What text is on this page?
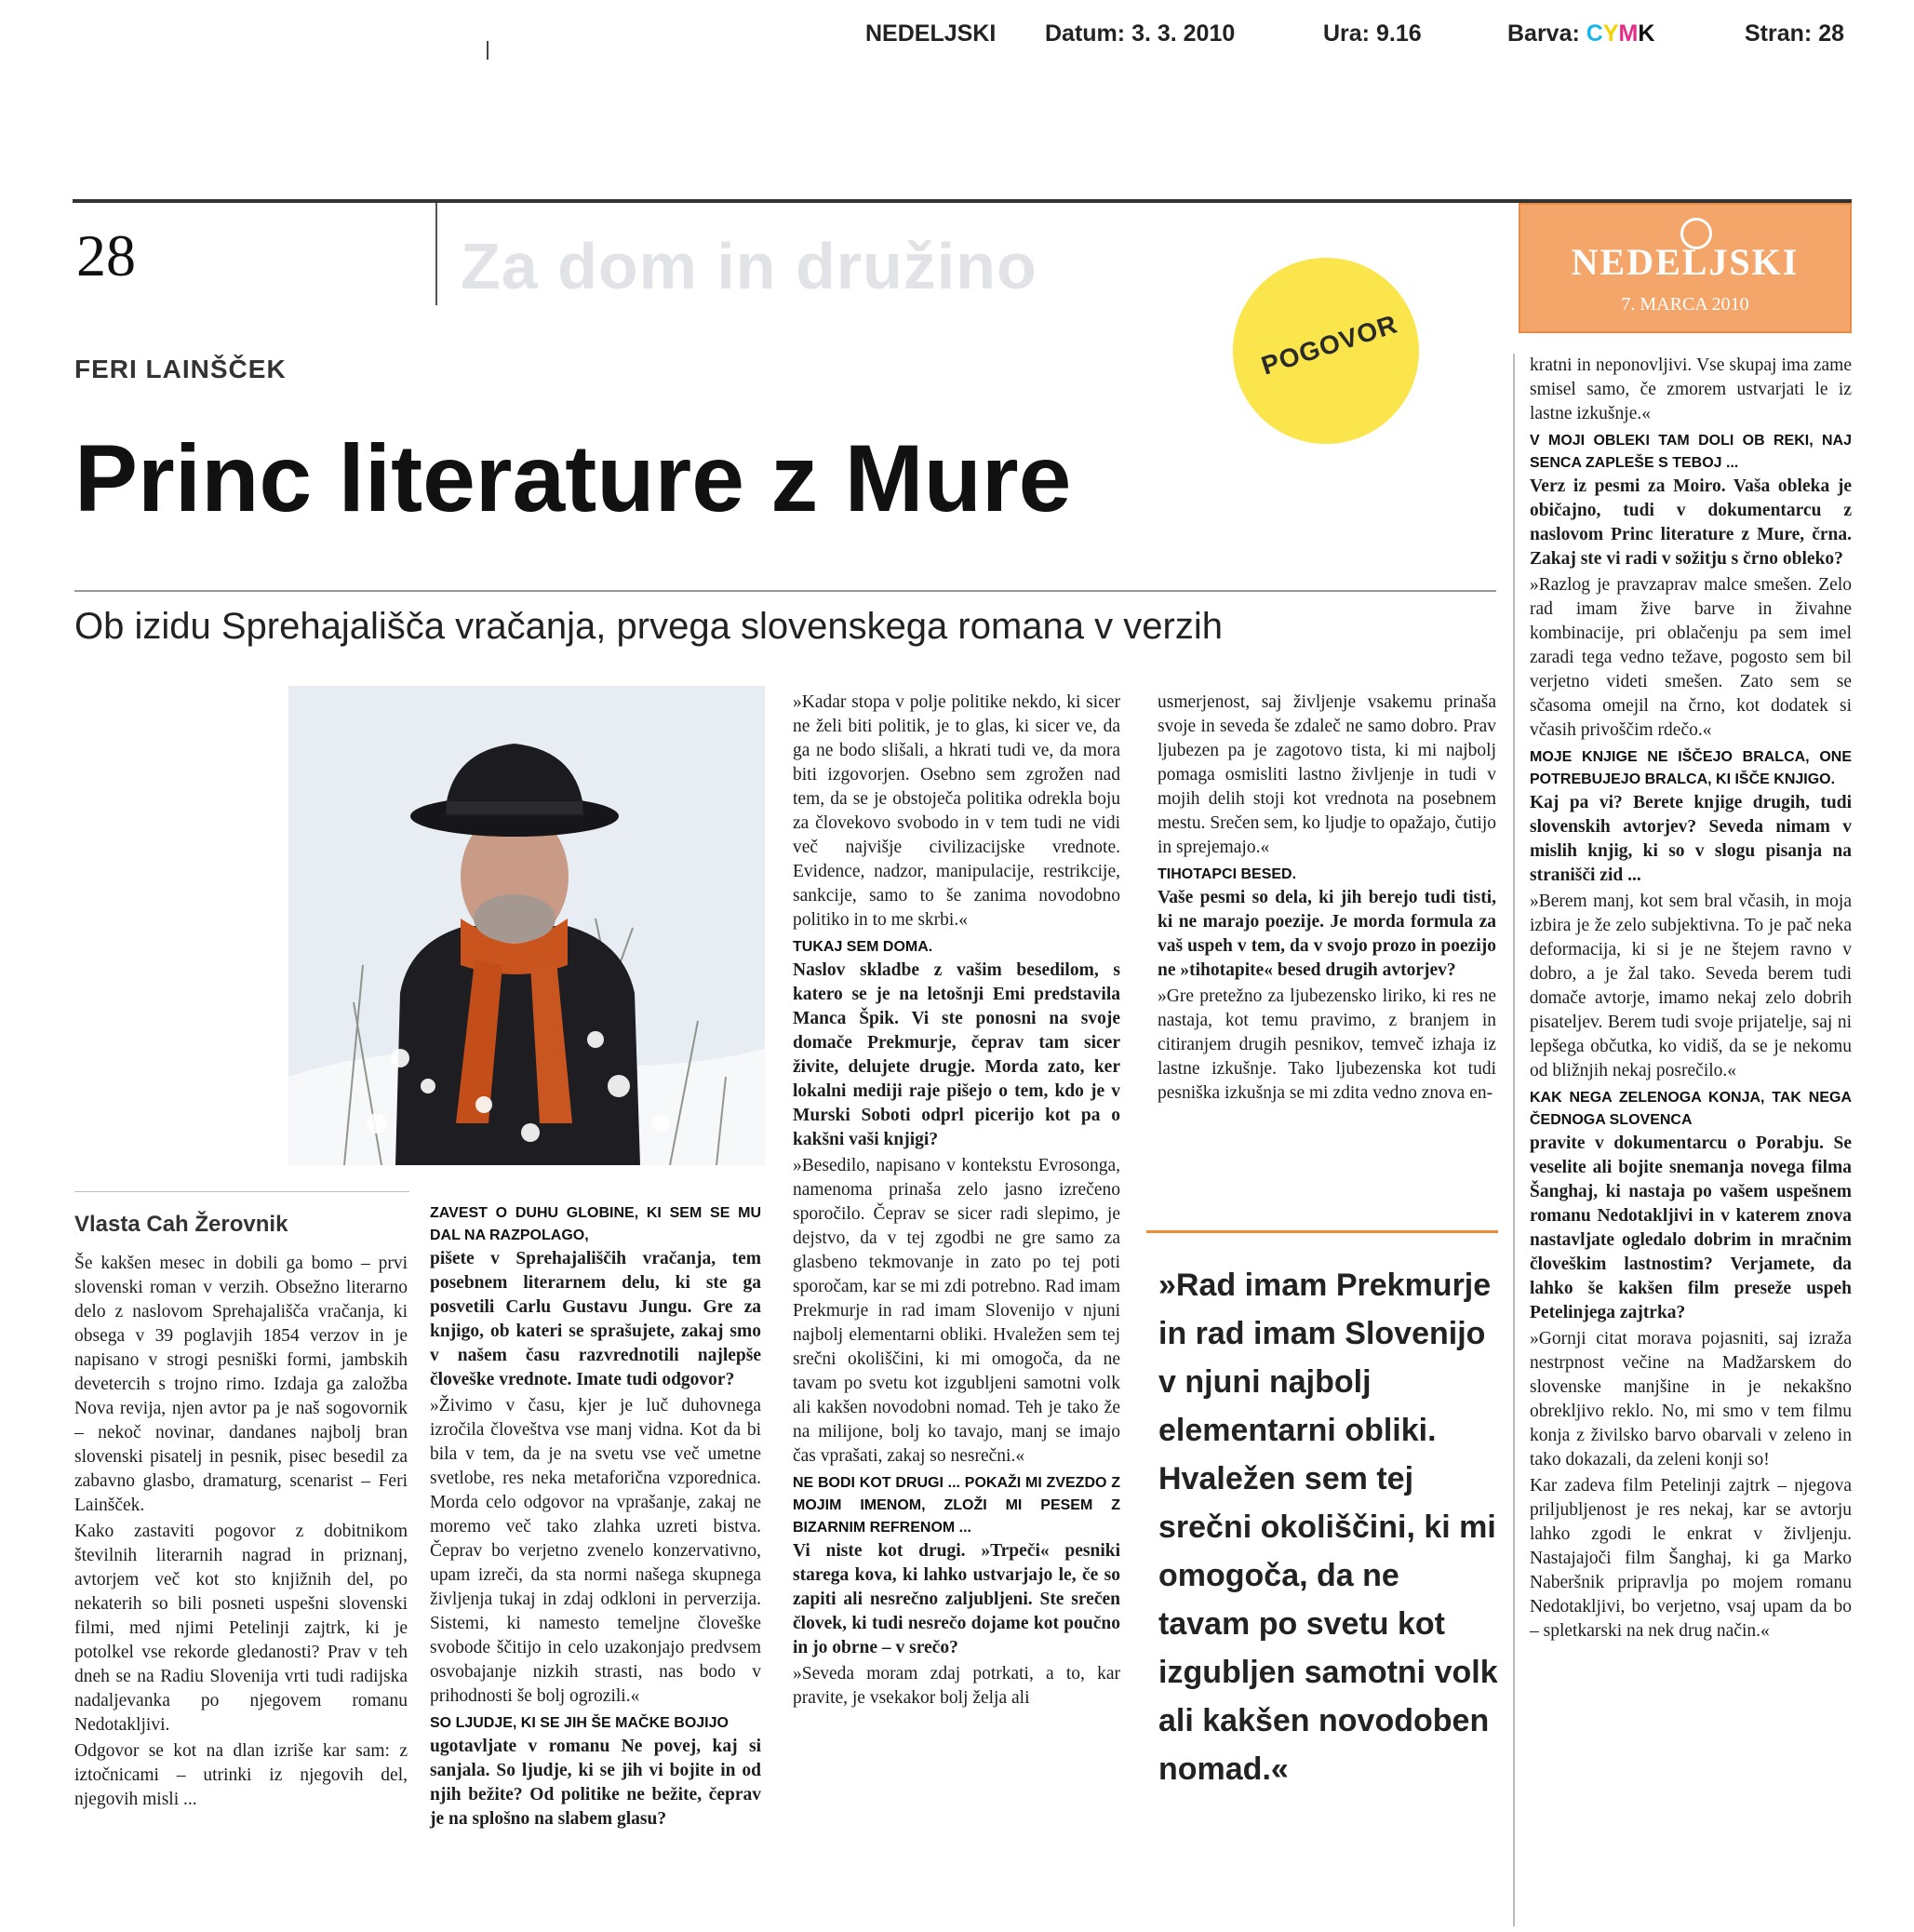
NEDELJSKI Datum: 3. 3. 2010	Ura: 9.16	Barva: CYMK	Stran: 28
28	Za dom in družino	NEDELJSKI
7. MARCA 2010
POGOVOR
FERI LAINŠČEK
Princ literature z Mure
Ob izidu Sprehajališča vračanja, prvega slovenskega romana v verzih
Vlasta Cah Žerovnik

Še kakšen mesec in dobili ga bomo – prvi slovenski roman v verzih. Obsežno literarno delo z naslovom Sprehajališča vračanja, ki obsega v 39 poglavjih 1854 verzov in je napisano v strogi pesniški formi, jambskih devetercih s trojno rimo. Izdaja ga založba Nova revija, njen avtor pa je naš sogovornik – nekoč novinar, dandanes najbolj bran slovenski pisatelj in pesnik, pisec besedil za zabavno glasbo, dramaturg, scenarist – Feri Lainšček.

Kako zastaviti pogovor z dobitnikom številnih literarnih nagrad in priznanj, avtorjem več kot sto knjižnih del, po nekaterih so bili posneti uspešni slovenski filmi, med njimi Petelinji zajtrk, ki je potolkel vse rekorde gledanosti? Prav v teh dneh se na Radiu Slovenija vrti tudi radijska nadaljevanka po njegovem romanu Nedotakljivi.

Odgovor se kot na dlan izriše kar sam: z iztočnicami – utrinki iz njegovih del, njegovih misli ...

ZAVEST O DUHU GLOBINE, KI SEM SE MU DAL NA RAZPOLAGO,

pišete v Sprehajališčih vračanja, tem posebnem literarnem delu, ki ste ga posvetili Carlu Gustavu Jungu. Gre za knjigo, ob kateri se sprašujete, zakaj smo v našem času razvrednotili najlepše človeške vrednote. Imate tudi odgovor?

»Živimo v času, kjer je luč duhovnega izročila človeštva vse manj vidna. Kot da bi bila v tem, da je na svetu vse več umetne svetlobe, res neka metaforična vzporednica. Morda celo odgovor na vprašanje, zakaj ne moremo več tako zlahka uzreti bistva. Čeprav bo verjetno zvenelo konzervativno, upam izreči, da sta normi našega skupnega življenja tukaj in zdaj odkloni in perverzija. Sistemi, ki namesto temeljne človeške svobode ščitijo in celo uzakonjajo predvsem osvobajanje nizkih strasti, nas bodo v prihodnosti še bolj ogrozili.«

SO LJUDJE, KI SE JIH ŠE MAČKE BOJIJO

ugotavljate v romanu Ne povej, kaj si sanjala. So ljudje, ki se jih vi bojite in od njih bežite? Od politike ne bežite, čeprav je na splošno na slabem glasu?

»Kadar stopa v polje politike nekdo, ki sicer ne želi biti politik, je to glas, ki sicer ve, da ga ne bodo slišali, a hkrati tudi ve, da mora biti izgovorjen. Osebno sem zgrožen nad tem, da se je obstoječa politika odrekla boju za človekovo svobodo in v tem tudi ne vidi več najvišje civilizacijske vrednote. Evidence, nadzor, manipulacije, restrikcije, sankcije, samo to še zanima novodobno politiko in to me skrbi.«

TUKAJ SEM DOMA.

Naslov skladbe z vašim besedilom, s katero se je na letošnji Emi predstavila Manca Špik. Vi ste ponosni na svoje domače Prekmurje, čeprav tam sicer živite, delujete drugje. Morda zato, ker lokalni mediji raje pišejo o tem, kdo je v Murski Soboti odprl picerijo kot pa o kakšni vaši knjigi?

»Besedilo, napisano v kontekstu Evrosonga, namenoma prinaša zelo jasno izrečeno sporočilo. Čeprav se sicer radi slepimo, je dejstvo, da v tej zgodbi ne gre samo za glasbeno tekmovanje in zato po tej poti sporočam, kar se mi zdi potrebno. Rad imam Prekmurje in rad imam Slovenijo v njuni najbolj elementarni obliki. Hvaležen sem tej srečni okoliščini, ki mi omogoča, da ne tavam po svetu kot izgubljeni samotni volk ali kakšen novodobni nomad. Teh je tako že na milijone, bolj ko tavajo, manj se imajo čas vprašati, zakaj so nesrečni.«

NE BODI KOT DRUGI ... POKAŽI MI ZVEZDO Z MOJIM IMENOM, ZLOŽI MI PESEM Z BIZARNIM REFRENOM ...

Vi niste kot drugi. »Trpeči« pesniki starega kova, ki lahko ustvarjajo le, če so zapiti ali nesrečno zaljubljeni. Ste srečen človek, ki tudi nesrečo dojame kot poučno in jo obrne – v srečo?

»Seveda moram zdaj potrkati, a to, kar pravite, je vsekakor bolj želja ali

usmerjenost, saj življenje vsakemu prinaša svoje in seveda še zdaleč ne samo dobro. Prav ljubezen pa je zagotovo tista, ki mi najbolj pomaga osmisliti lastno življenje in tudi v mojih delih stoji kot vrednota na posebnem mestu. Srečen sem, ko ljudje to opažajo, čutijo in sprejemajo.«

TIHOTAPCI BESED.

Vaše pesmi so dela, ki jih berejo tudi tisti, ki ne marajo poezije. Je morda formula za vaš uspeh v tem, da v svojo prozo in poezijo ne »tihotapite« besed drugih avtorjev?

»Gre pretežno za ljubezensko liriko, ki res ne nastaja, kot temu pravimo, z branjem in citiranjem drugih pesnikov, temveč izhaja iz lastne izkušnje. Tako ljubezenska kot tudi pesniška izkušnja se mi zdita vedno znova en-

»Rad imam Prekmurje in rad imam Slovenijo v njuni najbolj elementarni obliki. Hvaležen sem tej srečni okoliščini, ki mi omogoča, da ne tavam po svetu kot izgubljen samotni volk ali kakšen novodoben nomad.«

kratni in neponovljivi. Vse skupaj ima zame smisel samo, če zmorem ustvarjati le iz lastne izkušnje.«

V MOJI OBLEKI TAM DOLI OB REKI, NAJ SENCA ZAPLEŠE S TEBOJ ...

Verz iz pesmi za Moiro. Vaša obleka je običajno, tudi v dokumentarcu z naslovom Princ literature z Mure, črna. Zakaj ste vi radi v sožitju s črno obleko?

»Razlog je pravzaprav malce smešen. Zelo rad imam žive barve in živahne kombinacije, pri oblačenju pa sem imel zaradi tega vedno težave, pogosto sem bil verjetno videti smešen. Zato sem se sčasoma omejil na črno, kot dodatek si včasih privoščim rdečo.«

MOJE KNJIGE NE IŠČEJO BRALCA, ONE POTREBUJEJO BRALCA, KI IŠČE KNJIGO.

Kaj pa vi? Berete knjige drugih, tudi slovenskih avtorjev? Seveda nimam v mislih knjig, ki so v slogu pisanja na stranišči zid ...

»Berem manj, kot sem bral včasih, in moja izbira je že zelo subjektivna. To je pač neka deformacija, ki si je ne štejem ravno v dobro, a je žal tako. Seveda berem tudi domače avtorje, imamo nekaj zelo dobrih pisateljev. Berem tudi svoje prijatelje, saj ni lepšega občutka, ko vidiš, da se je nekomu od bližnjih nekaj posrečilo.«

KAK NEGA ZELENOGA KONJA, TAK NEGA ČEDNOGA SLOVENCA

pravite v dokumentarcu o Porabju. Se veselite ali bojite snemanja novega filma Šanghaj, ki nastaja po vašem uspešnem romanu Nedotakljivi in v katerem znova nastavljate ogledalo dobrim in mračnim človeškim lastnostim? Verjamete, da lahko še kakšen film preseže uspeh Petelinjega zajtrka?

»Gornji citat morava pojasniti, saj izraža nestrpnost večine na Madžarskem do slovenske manjšine in je nekakšno obrekljivo reklo. No, mi smo v tem filmu konja z živilsko barvo obarvali v zeleno in tako dokazali, da zeleni konji so!

Kar zadeva film Petelinji zajtrk – njegova priljubljenost je res nekaj, kar se avtorju lahko zgodi le enkrat v življenju. Nastajajoči film Šanghaj, ki ga Marko Naberšnik pripravlja po mojem romanu Nedotakljivi, bo verjetno, vsaj upam da bo – spletkarski na nek drug način.«
